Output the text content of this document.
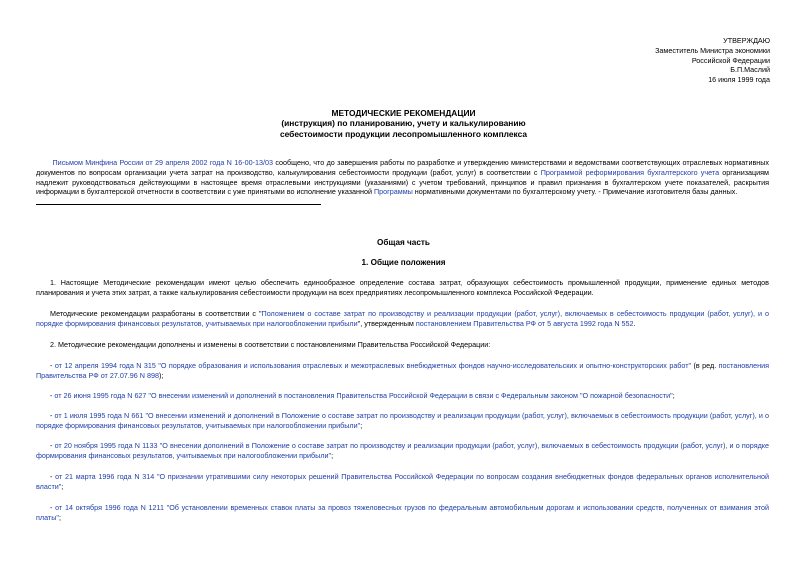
УТВЕРЖДАЮ
Заместитель Министра экономики
Российской Федерации
Б.П.Маслий
16 июля 1999 года
МЕТОДИЧЕСКИЕ РЕКОМЕНДАЦИИ
(инструкция) по планированию, учету и калькулированию
себестоимости продукции лесопромышленного комплекса
Письмом Минфина России от 29 апреля 2002 года N 16-00-13/03 сообщено, что до завершения работы по разработке и утверждению министерствами и ведомствами соответствующих отраслевых нормативных документов по вопросам организации учета затрат на производство, калькулирования себестоимости продукции (работ, услуг) в соответствии с Программой реформирования бухгалтерского учета организациям надлежит руководствоваться действующими в настоящее время отраслевыми инструкциями (указаниями) с учетом требований, принципов и правил признания в бухгалтерском учете показателей, раскрытия информации в бухгалтерской отчетности в соответствии с уже принятыми во исполнение указанной Программы нормативными документами по бухгалтерскому учету. - Примечание изготовителя базы данных.
Общая часть
1. Общие положения
1. Настоящие Методические рекомендации имеют целью обеспечить единообразное определение состава затрат, образующих себестоимость промышленной продукции, применение единых методов планирования и учета этих затрат, а также калькулирования себестоимости продукции на всех предприятиях лесопромышленного комплекса Российской Федерации.
Методические рекомендации разработаны в соответствии с "Положением о составе затрат по производству и реализации продукции (работ, услуг), включаемых в себестоимость продукции (работ, услуг), и о порядке формирования финансовых результатов, учитываемых при налогообложении прибыли", утвержденным постановлением Правительства РФ от 5 августа 1992 года N 552.
2. Методические рекомендации дополнены и изменены в соответствии с постановлениями Правительства Российской Федерации:
- от 12 апреля 1994 года N 315 "О порядке образования и использования отраслевых и межотраслевых внебюджетных фондов научно-исследовательских и опытно-конструкторских работ" (в ред. постановления Правительства РФ от 27.07.96 N 898);
- от 26 июня 1995 года N 627 "О внесении изменений и дополнений в постановления Правительства Российской Федерации в связи с Федеральным законом "О пожарной безопасности";
- от 1 июля 1995 года N 661 "О внесении изменений и дополнений в Положение о составе затрат по производству и реализации продукции (работ, услуг), включаемых в себестоимость продукции (работ, услуг), и о порядке формирования финансовых результатов, учитываемых при налогообложении прибыли";
- от 20 ноября 1995 года N 1133 "О внесении дополнений в Положение о составе затрат по производству и реализации продукции (работ, услуг), включаемых в себестоимость продукции (работ, услуг), и о порядке формирования финансовых результатов, учитываемых при налогообложении прибыли";
- от 21 марта 1996 года N 314 "О признании утратившими силу некоторых решений Правительства Российской Федерации по вопросам создания внебюджетных фондов федеральных органов исполнительной власти";
- от 14 октября 1996 года N 1211 "Об установлении временных ставок платы за провоз тяжеловесных грузов по федеральным автомобильным дорогам и использовании средств, полученных от взимания этой платы";
